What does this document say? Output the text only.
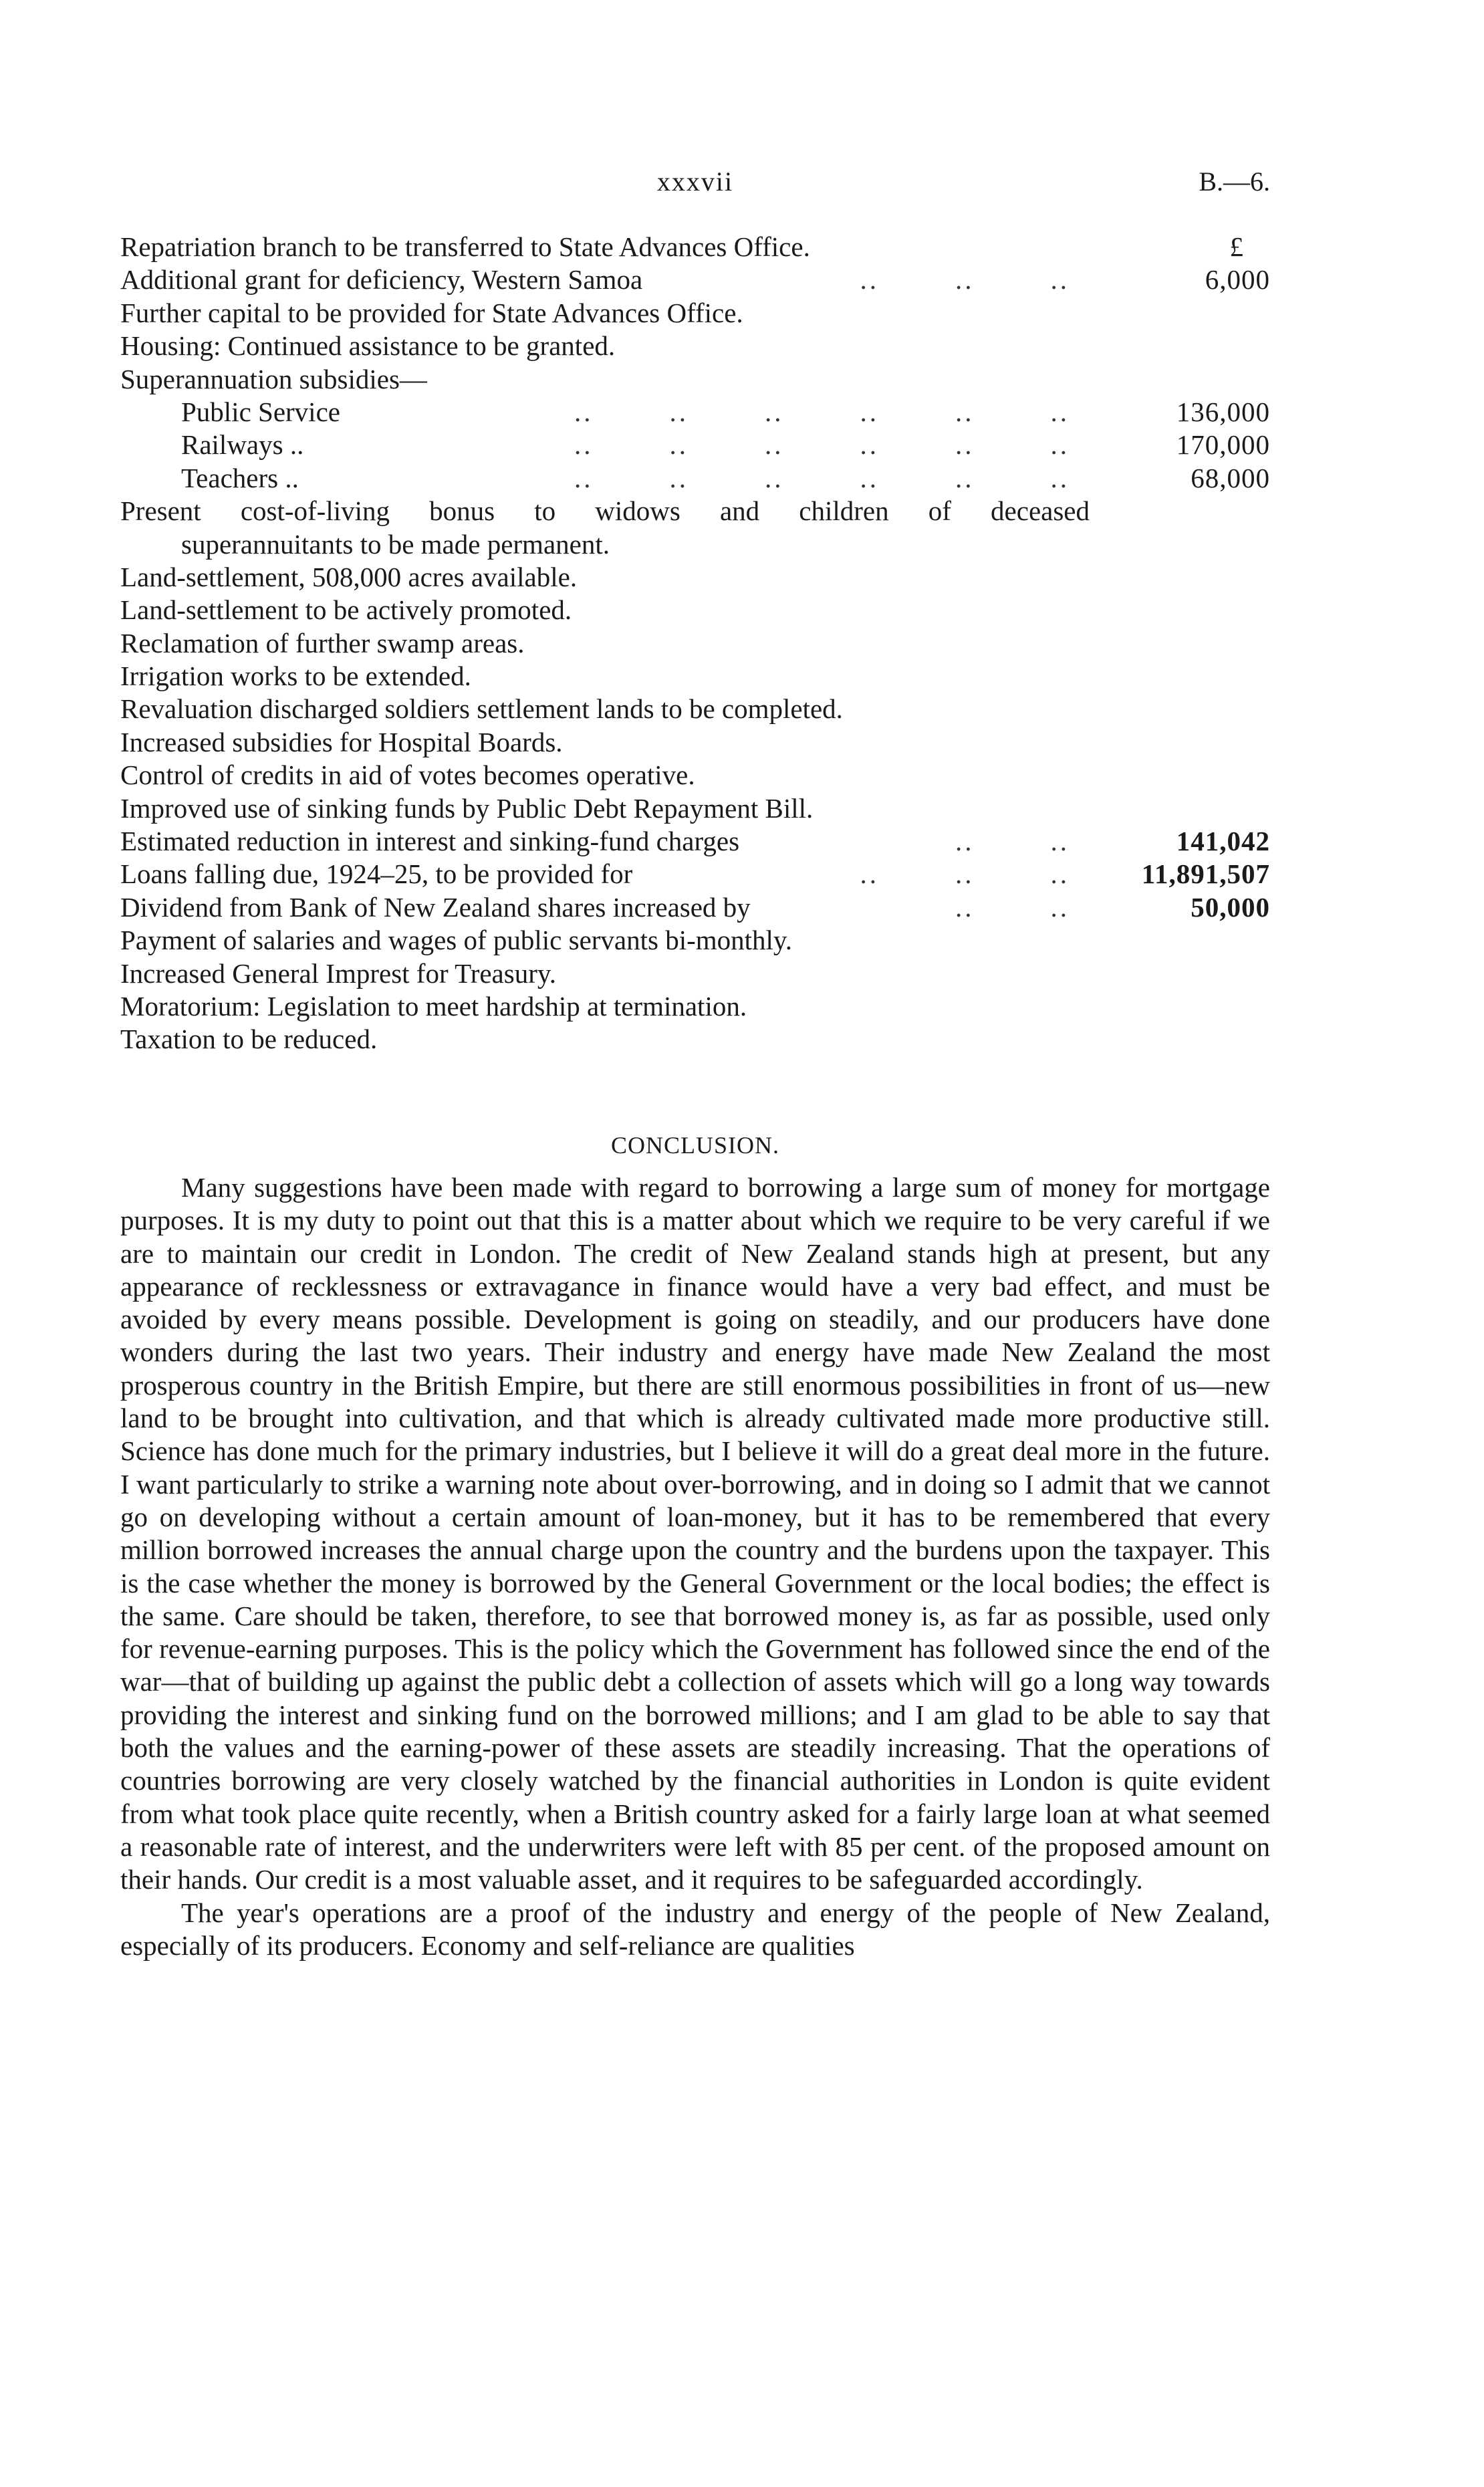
xxxvii	B.—6.
Repatriation branch to be transferred to State Advances Office.	£
Additional grant for deficiency, Western Samoa	..        ..        ..	6,000
Further capital to be provided for State Advances Office.
Housing: Continued assistance to be granted.
Superannuation subsidies—
Public Service	..        ..        ..        ..        ..        ..	136,000
Railways ..	..        ..        ..        ..        ..        ..	170,000
Teachers ..	..        ..        ..        ..        ..        ..	68,000
Present cost-of-living bonus to widows and children of deceased
superannuitants to be made permanent.
Land-settlement, 508,000 acres available.
Land-settlement to be actively promoted.
Reclamation of further swamp areas.
Irrigation works to be extended.
Revaluation discharged soldiers settlement lands to be completed.
Increased subsidies for Hospital Boards.
Control of credits in aid of votes becomes operative.
Improved use of sinking funds by Public Debt Repayment Bill.
Estimated reduction in interest and sinking-fund charges	..        ..	141,042
Loans falling due, 1924–25, to be provided for	..        ..        ..	11,891,507
Dividend from Bank of New Zealand shares increased by	..        ..	50,000
Payment of salaries and wages of public servants bi-monthly.
Increased General Imprest for Treasury.
Moratorium: Legislation to meet hardship at termination.
Taxation to be reduced.
CONCLUSION.

Many suggestions have been made with regard to borrowing a large sum of money for mortgage purposes. It is my duty to point out that this is a matter about which we require to be very careful if we are to maintain our credit in London. The credit of New Zealand stands high at present, but any appearance of recklessness or extravagance in finance would have a very bad effect, and must be avoided by every means possible. Development is going on steadily, and our producers have done wonders during the last two years. Their industry and energy have made New Zealand the most prosperous country in the British Empire, but there are still enormous possibilities in front of us—new land to be brought into cultivation, and that which is already cultivated made more productive still. Science has done much for the primary industries, but I believe it will do a great deal more in the future. I want particularly to strike a warning note about over-borrowing, and in doing so I admit that we cannot go on developing without a certain amount of loan-money, but it has to be remembered that every million borrowed increases the annual charge upon the country and the burdens upon the taxpayer. This is the case whether the money is borrowed by the General Government or the local bodies; the effect is the same. Care should be taken, therefore, to see that borrowed money is, as far as possible, used only for revenue-earning purposes. This is the policy which the Government has followed since the end of the war—that of building up against the public debt a collection of assets which will go a long way towards providing the interest and sinking fund on the borrowed millions; and I am glad to be able to say that both the values and the earning-power of these assets are steadily increasing. That the operations of countries borrowing are very closely watched by the financial authorities in London is quite evident from what took place quite recently, when a British country asked for a fairly large loan at what seemed a reasonable rate of interest, and the underwriters were left with 85 per cent. of the proposed amount on their hands. Our credit is a most valuable asset, and it requires to be safeguarded accordingly.

The year's operations are a proof of the industry and energy of the people of New Zealand, especially of its producers. Economy and self-reliance are qualities
